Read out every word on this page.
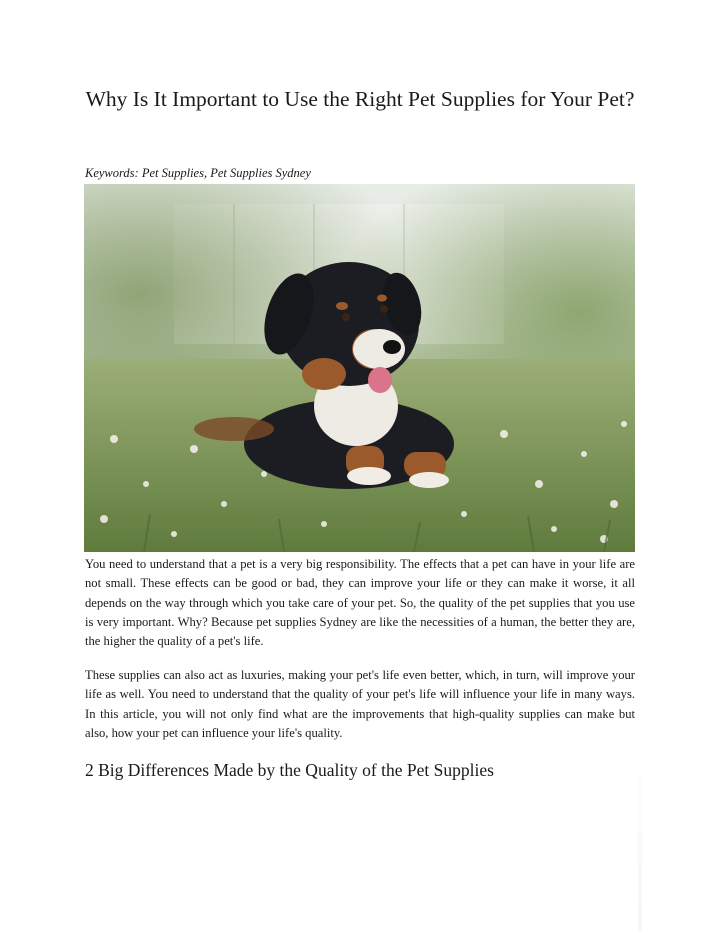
Why Is It Important to Use the Right Pet Supplies for Your Pet?

Keywords: Pet Supplies, Pet Supplies Sydney

You need to understand that a pet is a very big responsibility. The effects that a pet can have in your life are not small. These effects can be good or bad, they can improve your life or they can make it worse, it all depends on the way through which you take care of your pet. So, the quality of the pet supplies that you use is very important. Why? Because pet supplies Sydney are like the necessities of a human, the better they are, the higher the quality of a pet's life.

These supplies can also act as luxuries, making your pet's life even better, which, in turn, will improve your life as well. You need to understand that the quality of your pet's life will influence your life in many ways. In this article, you will not only find what are the improvements that high-quality supplies can make but also, how your pet can influence your life's quality.

2 Big Differences Made by the Quality of the Pet Supplies
